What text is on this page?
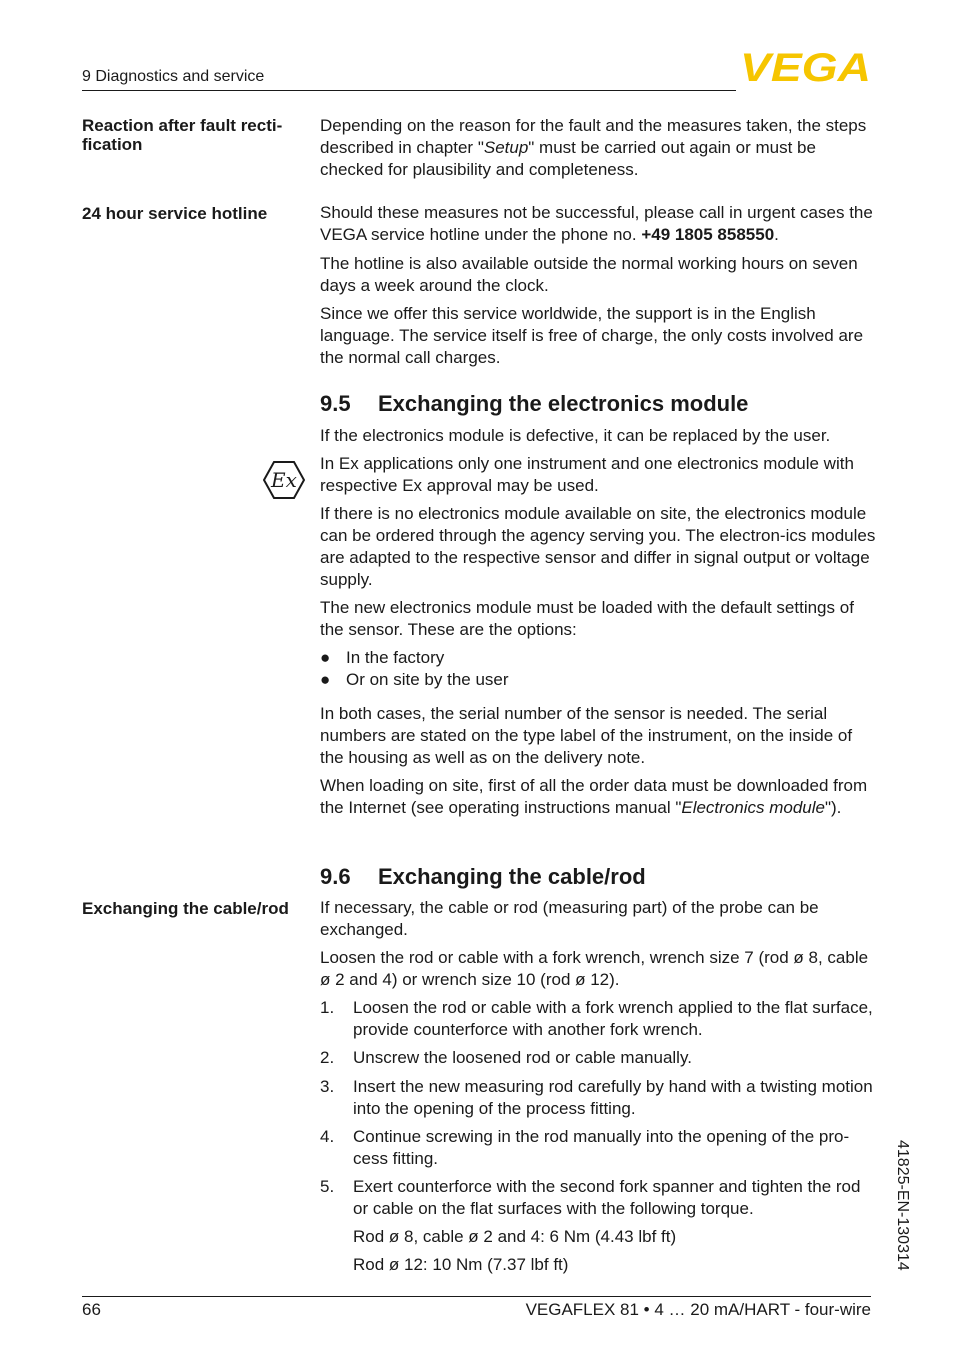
9 Diagnostics and service	VEGA
Reaction after fault recti-
fication

Depending on the reason for the fault and the measures taken, the steps described in chapter "Setup" must be carried out again or must be checked for plausibility and completeness.

24 hour service hotline	Should these measures not be successful, please call in urgent cases the VEGA service hotline under the phone no. +49 1805 858550.

The hotline is also available outside the normal working hours on seven days a week around the clock.

Since we offer this service worldwide, the support is in the English language. The service itself is free of charge, the only costs involved are the normal call charges.

9.5 Exchanging the electronics module

If the electronics module is defective, it can be replaced by the user.

Ex

In Ex applications only one instrument and one electronics module with respective Ex approval may be used.

If there is no electronics module available on site, the electronics module can be ordered through the agency serving you. The electron-ics modules are adapted to the respective sensor and differ in signal output or voltage supply.

The new electronics module must be loaded with the default settings of the sensor. These are the options:

● In the factory
● Or on site by the user

In both cases, the serial number of the sensor is needed. The serial numbers are stated on the type label of the instrument, on the inside of the housing as well as on the delivery note.

When loading on site, first of all the order data must be downloaded from the Internet (see operating instructions manual "Electronics module").

9.6 Exchanging the cable/rod
Exchanging the cable/rod	If necessary, the cable or rod (measuring part) of the probe can be exchanged.

Loosen the rod or cable with a fork wrench, wrench size 7 (rod ø 8, cable ø 2 and 4) or wrench size 10 (rod ø 12).

1.	Loosen the rod or cable with a fork wrench applied to the flat surface, provide counterforce with another fork wrench.
2.	Unscrew the loosened rod or cable manually.
3.	Insert the new measuring rod carefully by hand with a twisting motion into the opening of the process fitting.
4.	Continue screwing in the rod manually into the opening of the pro-cess fitting.
5.	Exert counterforce with the second fork spanner and tighten the rod or cable on the flat surfaces with the following torque.

Rod ø 8, cable ø 2 and 4: 6 Nm (4.43 lbf ft)

Rod ø 12: 10 Nm (7.37 lbf ft)	41825-EN-130314
66	VEGAFLEX 81 • 4 … 20 mA/HART - four-wire
